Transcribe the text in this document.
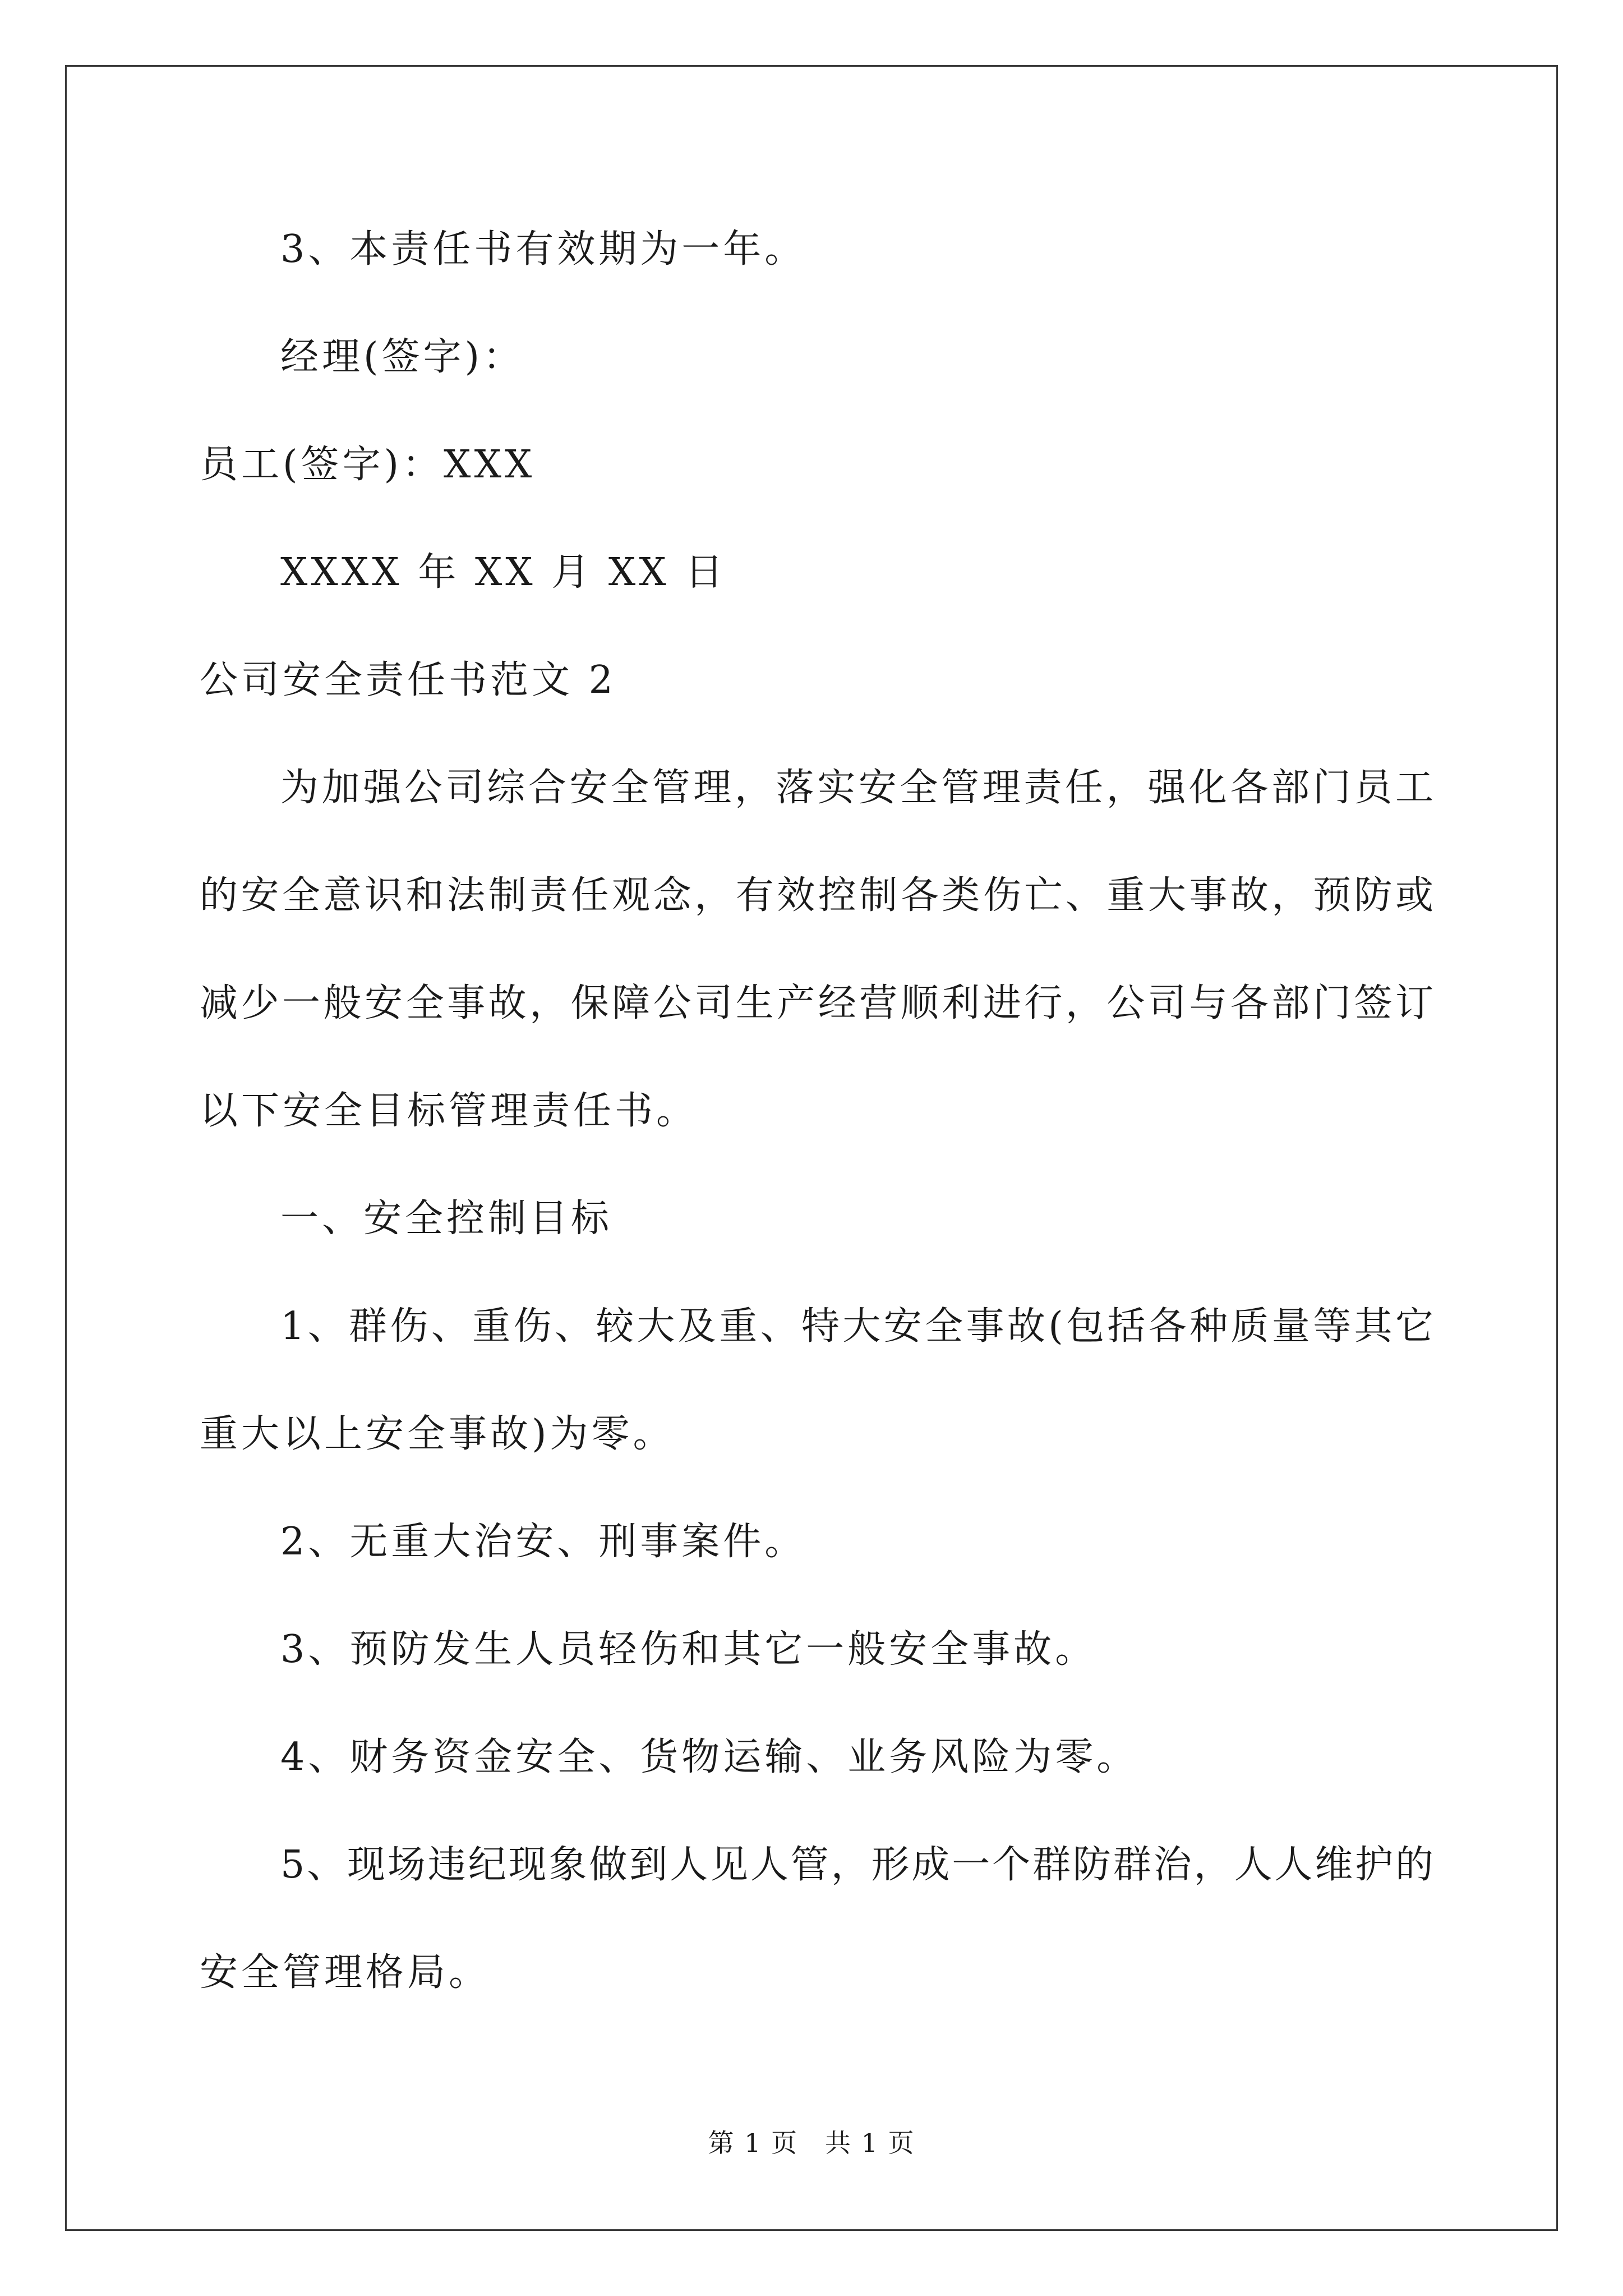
3、本责任书有效期为一年。
经理(签字)：
员工(签字)：XXX
XXXX 年 XX 月 XX 日
公司安全责任书范文 2
为加强公司综合安全管理，落实安全管理责任，强化各部门员工
的安全意识和法制责任观念，有效控制各类伤亡、重大事故，预防或
减少一般安全事故，保障公司生产经营顺利进行，公司与各部门签订
以下安全目标管理责任书。
一、安全控制目标
1、群伤、重伤、较大及重、特大安全事故(包括各种质量等其它
重大以上安全事故)为零。
2、无重大治安、刑事案件。
3、预防发生人员轻伤和其它一般安全事故。
4、财务资金安全、货物运输、业务风险为零。
5、现场违纪现象做到人见人管，形成一个群防群治，人人维护的
安全管理格局。
第 1 页　共 1 页
